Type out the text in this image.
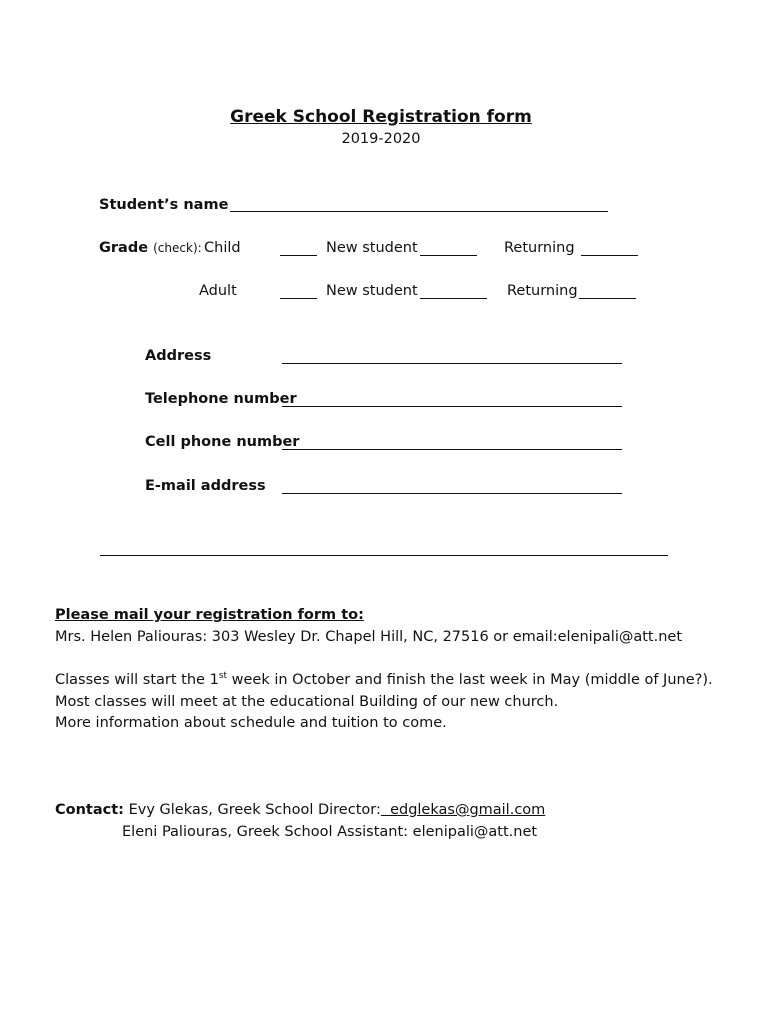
Greek School Registration form
2019-2020
Student’s name
Grade (check): Child	New student	Returning
Adult	New student	Returning
Address
Telephone number
Cell phone number
E-mail address
Please mail your registration form to:
Mrs. Helen Paliouras: 303 Wesley Dr. Chapel Hill, NC, 27516 or email:elenipali@att.net
Classes will start the 1st week in October and finish the last week in May (middle of June?).
Most classes will meet at the educational Building of our new church.
More information about schedule and tuition to come.
Contact: Evy Glekas, Greek School Director:  edglekas@gmail.com
Eleni Paliouras, Greek School Assistant: elenipali@att.net
